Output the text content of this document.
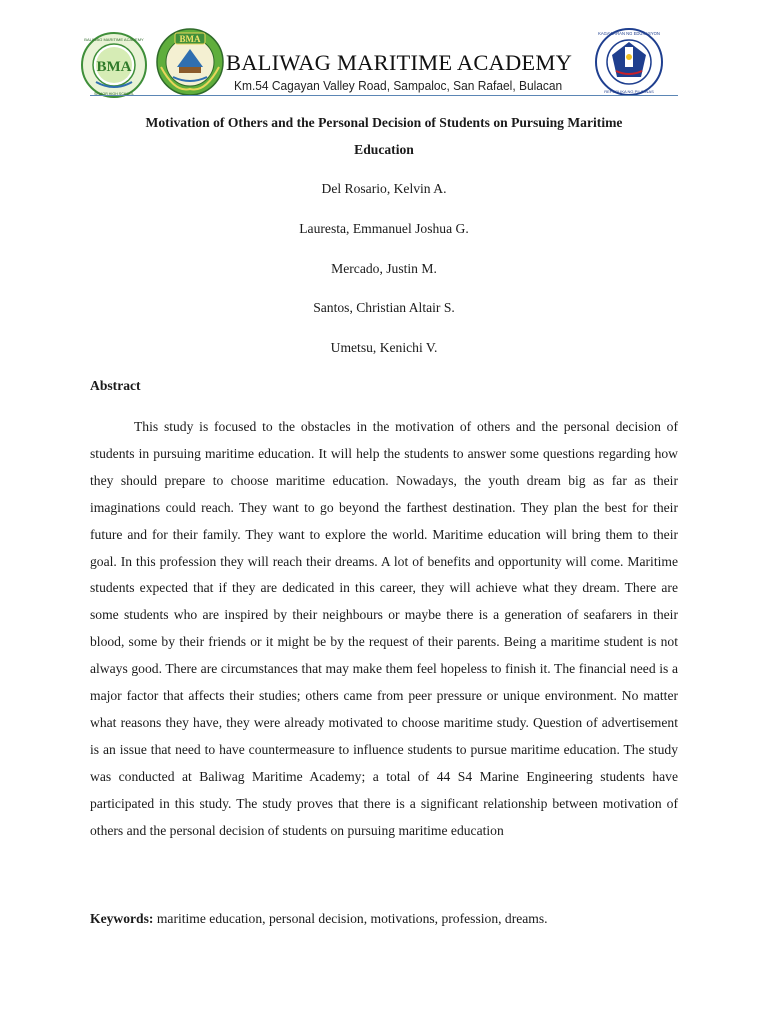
BMA
BALIWAG MARITIME ACADEMY
SENIOR HIGH SCHOOL
BMA
BALIWAG MARITIME ACADEMY
Km.54 Cagayan Valley Road, Sampaloc, San Rafael, Bulacan
KAGAWARAN NG EDUKASYON
REPUBLIKA NG PILIPINAS
Motivation of Others and the Personal Decision of Students on Pursuing Maritime
Education
Del Rosario, Kelvin A.
Lauresta, Emmanuel Joshua G.
Mercado, Justin M.
Santos, Christian Altair S.
Umetsu, Kenichi V.
Abstract

This study is focused to the obstacles in the motivation of others and the personal decision of students in pursuing maritime education. It will help the students to answer some questions regarding how they should prepare to choose maritime education. Nowadays, the youth dream big as far as their imaginations could reach. They want to go beyond the farthest destination. They plan the best for their future and for their family. They want to explore the world. Maritime education will bring them to their goal. In this profession they will reach their dreams. A lot of benefits and opportunity will come. Maritime students expected that if they are dedicated in this career, they will achieve what they dream. There are some students who are inspired by their neighbours or maybe there is a generation of seafarers in their blood, some by their friends or it might be by the request of their parents. Being a maritime student is not always good. There are circumstances that may make them feel hopeless to finish it. The financial need is a major factor that affects their studies; others came from peer pressure or unique environment. No matter what reasons they have, they were already motivated to choose maritime study. Question of advertisement is an issue that need to have countermeasure to influence students to pursue maritime education. The study was conducted at Baliwag Maritime Academy; a total of 44 S4 Marine Engineering students have participated in this study. The study proves that there is a significant relationship between motivation of others and the personal decision of students on pursuing maritime education

Keywords: maritime education, personal decision, motivations, profession, dreams.
